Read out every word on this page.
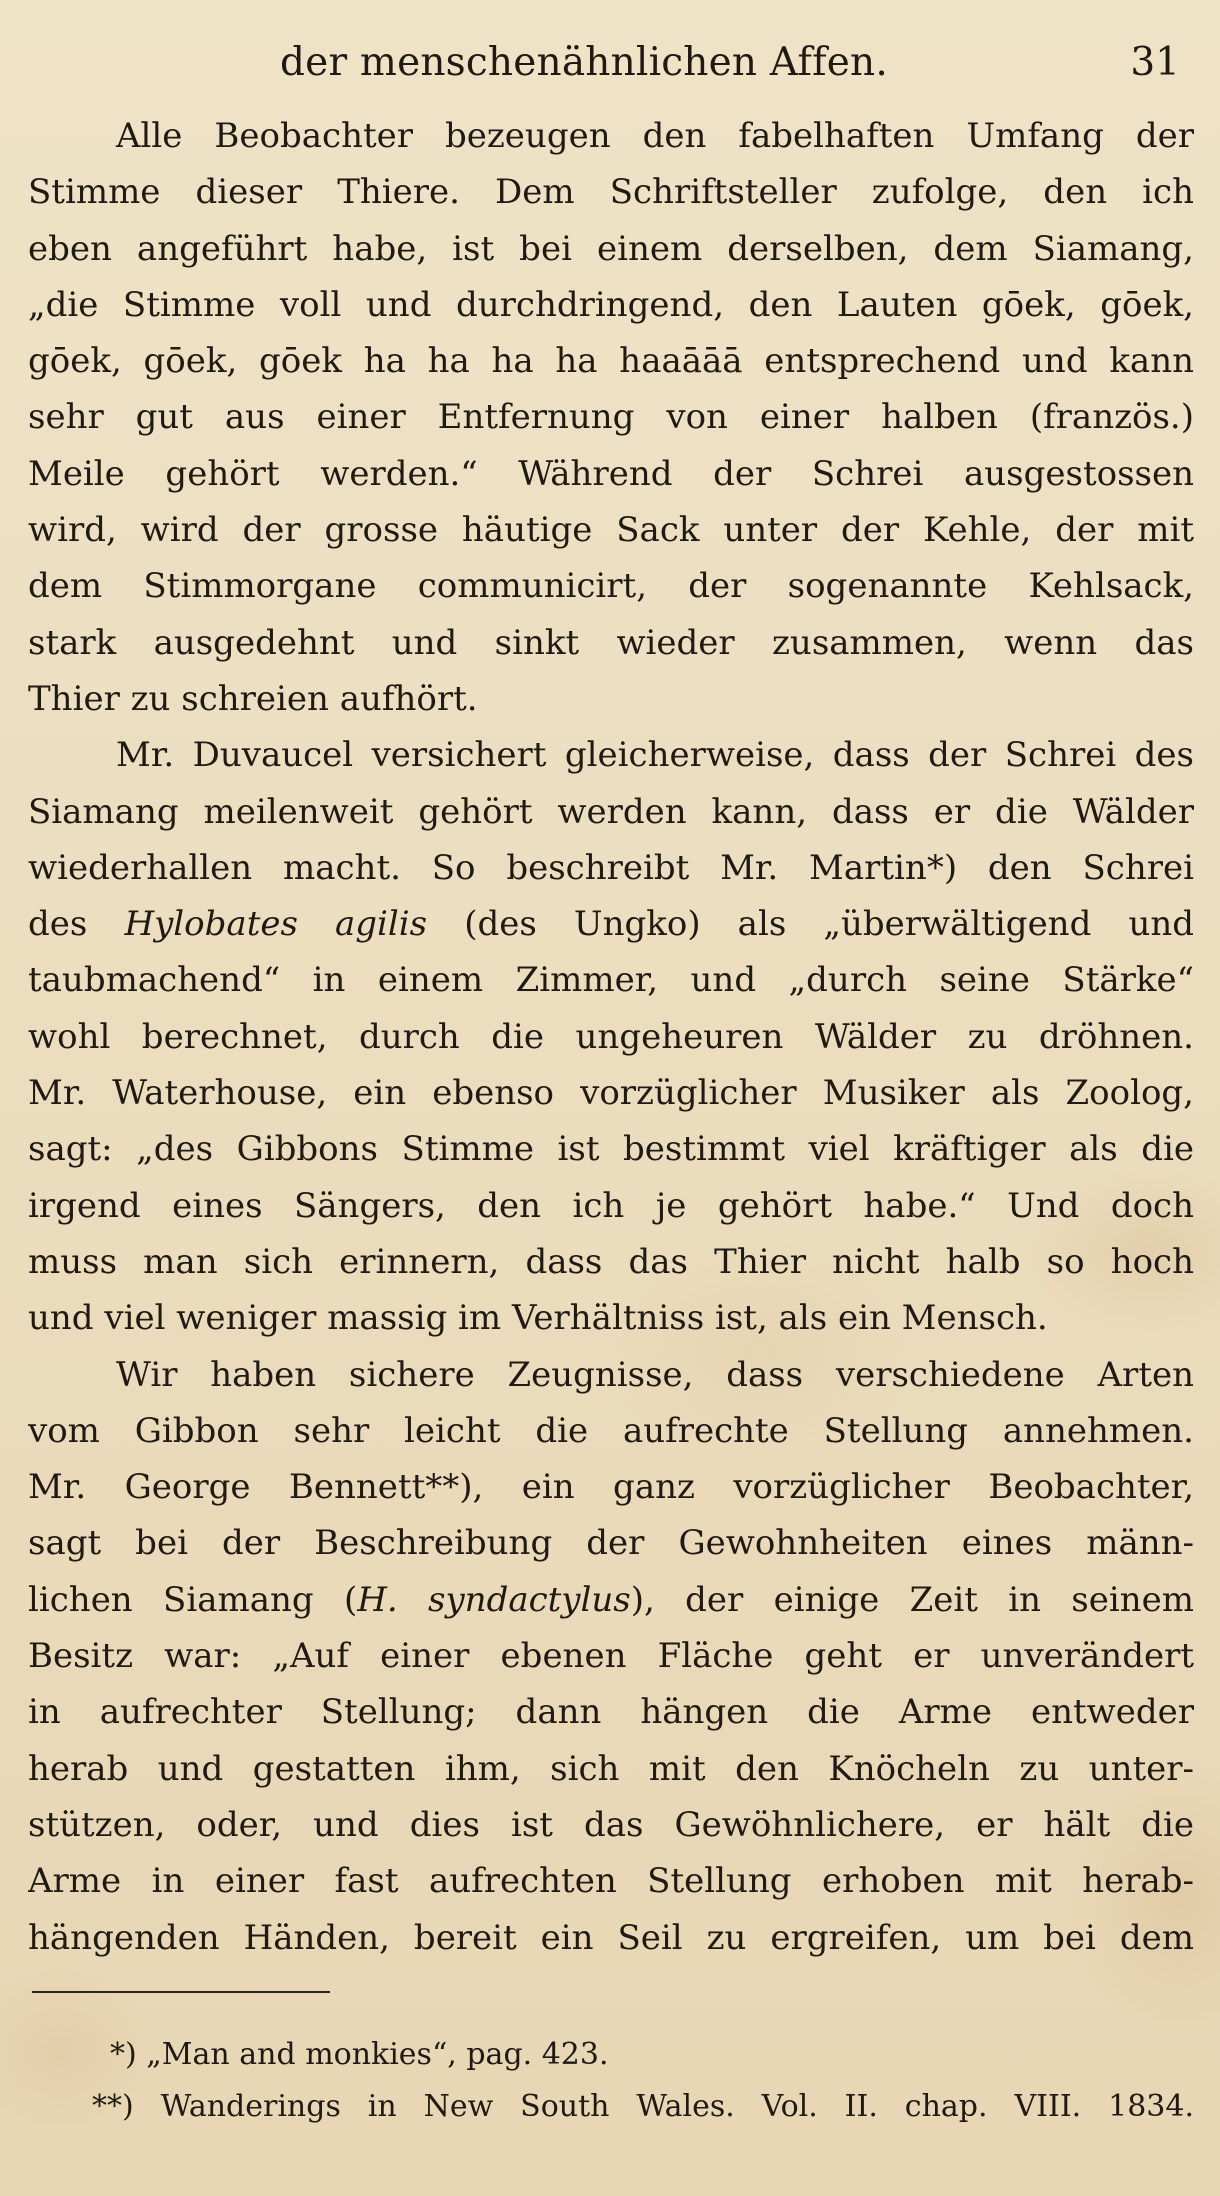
der menschenähnlichen Affen.	31
Alle Beobachter bezeugen den fabelhaften Umfang der
Stimme dieser Thiere. Dem Schriftsteller zufolge, den ich
eben angeführt habe, ist bei einem derselben, dem Siamang,
„die Stimme voll und durchdringend, den Lauten gōek, gōek,
gōek, gōek, gōek ha ha ha ha haaāāā entsprechend und kann
sehr gut aus einer Entfernung von einer halben (französ.)
Meile gehört werden.“ Während der Schrei ausgestossen
wird, wird der grosse häutige Sack unter der Kehle, der mit
dem Stimmorgane communicirt, der sogenannte Kehlsack,
stark ausgedehnt und sinkt wieder zusammen, wenn das
Thier zu schreien aufhört.
Mr. Duvaucel versichert gleicherweise, dass der Schrei des
Siamang meilenweit gehört werden kann, dass er die Wälder
wiederhallen macht. So beschreibt Mr. Martin*) den Schrei
des Hylobates agilis (des Ungko) als „überwältigend und
taubmachend“ in einem Zimmer, und „durch seine Stärke“
wohl berechnet, durch die ungeheuren Wälder zu dröhnen.
Mr. Waterhouse, ein ebenso vorzüglicher Musiker als Zoolog,
sagt: „des Gibbons Stimme ist bestimmt viel kräftiger als die
irgend eines Sängers, den ich je gehört habe.“ Und doch
muss man sich erinnern, dass das Thier nicht halb so hoch
und viel weniger massig im Verhältniss ist, als ein Mensch.
Wir haben sichere Zeugnisse, dass verschiedene Arten
vom Gibbon sehr leicht die aufrechte Stellung annehmen.
Mr. George Bennett**), ein ganz vorzüglicher Beobachter,
sagt bei der Beschreibung der Gewohnheiten eines männ-
lichen Siamang (H. syndactylus), der einige Zeit in seinem
Besitz war: „Auf einer ebenen Fläche geht er unverändert
in aufrechter Stellung; dann hängen die Arme entweder
herab und gestatten ihm, sich mit den Knöcheln zu unter-
stützen, oder, und dies ist das Gewöhnlichere, er hält die
Arme in einer fast aufrechten Stellung erhoben mit herab-
hängenden Händen, bereit ein Seil zu ergreifen, um bei dem
*) „Man and monkies“, pag. 423.
**) Wanderings in New South Wales. Vol. II. chap. VIII. 1834.
